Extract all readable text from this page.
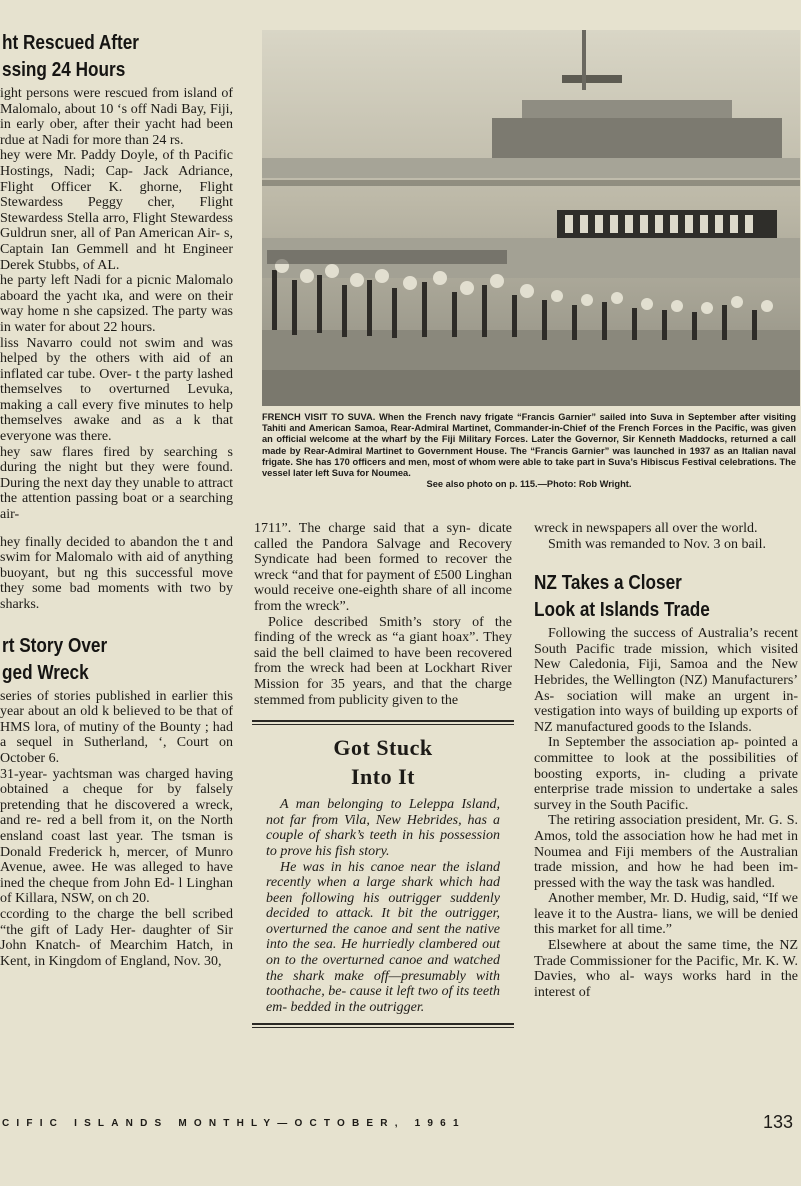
ht Rescued After
ssing 24 Hours

ight persons were rescued from island of Malomalo, about 10 ‘s off Nadi Bay, Fiji, in early ober, after their yacht had been rdue at Nadi for more than 24 rs.

hey were Mr. Paddy Doyle, of th Pacific Hostings, Nadi; Cap- Jack Adriance, Flight Officer K. ghorne, Flight Stewardess Peggy cher, Flight Stewardess Stella arro, Flight Stewardess Guldrun sner, all of Pan American Air- s, Captain Ian Gemmell and ht Engineer Derek Stubbs, of AL.

he party left Nadi for a picnic Malomalo aboard the yacht ıka, and were on their way home n she capsized. The party was in water for about 22 hours.

liss Navarro could not swim and was helped by the others with aid of an inflated car tube. Over- t the party lashed themselves to overturned Levuka, making a call every five minutes to help themselves awake and as a k that everyone was there.

hey saw flares fired by searching s during the night but they were found. During the next day they unable to attract the attention passing boat or a searching air-

hey finally decided to abandon the t and swim for Malomalo with aid of anything buoyant, but ng this successful move they some bad moments with two by sharks.

rt Story Over
ged Wreck

series of stories published in earlier this year about an old k believed to be that of HMS lora, of mutiny of the Bounty ; had a sequel in Sutherland, ‘, Court on October 6.

31-year- yachtsman was charged having obtained a cheque for by falsely pretending that he discovered a wreck, and re- red a bell from it, on the North ensland coast last year. The tsman is Donald Frederick h, mercer, of Munro Avenue, awee. He was alleged to have ined the cheque from John Ed- l Linghan of Killara, NSW, on ch 20.

ccording to the charge the bell scribed “the gift of Lady Her- daughter of Sir John Knatch- of Mearchim Hatch, in Kent, in Kingdom of England, Nov. 30,

FRENCH VISIT TO SUVA. When the French navy frigate “Francis Garnier” sailed into Suva in September after visiting Tahiti and American Samoa, Rear-Admiral Martinet, Commander-in-Chief of the French Forces in the Pacific, was given an official welcome at the wharf by the Fiji Military Forces. Later the Governor, Sir Kenneth Maddocks, returned a call made by Rear-Admiral Martinet to Government House. The “Francis Garnier” was launched in 1937 as an Italian naval frigate. She has 170 officers and men, most of whom were able to take part in Suva’s Hibiscus Festival celebrations. The vessel later left Suva for Noumea.
See also photo on p. 115.—Photo: Rob Wright.

1711”. The charge said that a syn- dicate called the Pandora Salvage and Recovery Syndicate had been formed to recover the wreck “and that for payment of £500 Linghan would receive one-eighth share of all income from the wreck”.

Police described Smith’s story of the finding of the wreck as “a giant hoax”. They said the bell claimed to have been recovered from the wreck had been at Lockhart River Mission for 35 years, and that the charge stemmed from publicity given to the

Got Stuck
Into It

A man belonging to Leleppa Island, not far from Vila, New Hebrides, has a couple of shark’s teeth in his possession to prove his fish story.

He was in his canoe near the island recently when a large shark which had been following his outrigger suddenly decided to attack. It bit the outrigger, overturned the canoe and sent the native into the sea. He hurriedly clambered out on to the overturned canoe and watched the shark make off—presumably with toothache, be- cause it left two of its teeth em- bedded in the outrigger.

wreck in newspapers all over the world.

Smith was remanded to Nov. 3 on bail.

NZ Takes a Closer
Look at Islands Trade

Following the success of Australia’s recent South Pacific trade mission, which visited New Caledonia, Fiji, Samoa and the New Hebrides, the Wellington (NZ) Manufacturers’ As- sociation will make an urgent in- vestigation into ways of building up exports of NZ manufactured goods to the Islands.

In September the association ap- pointed a committee to look at the possibilities of boosting exports, in- cluding a private enterprise trade mission to undertake a sales survey in the South Pacific.

The retiring association president, Mr. G. S. Amos, told the association how he had met in Noumea and Fiji members of the Australian trade mission, and how he had been im- pressed with the way the task was handled.

Another member, Mr. D. Hudig, said, “If we leave it to the Austra- lians, we will be denied this market for all time.”

Elsewhere at about the same time, the NZ Trade Commissioner for the Pacific, Mr. K. W. Davies, who al- ways works hard in the interest of

CIFIC ISLANDS MONTHLY—OCTOBER, 1961	133
